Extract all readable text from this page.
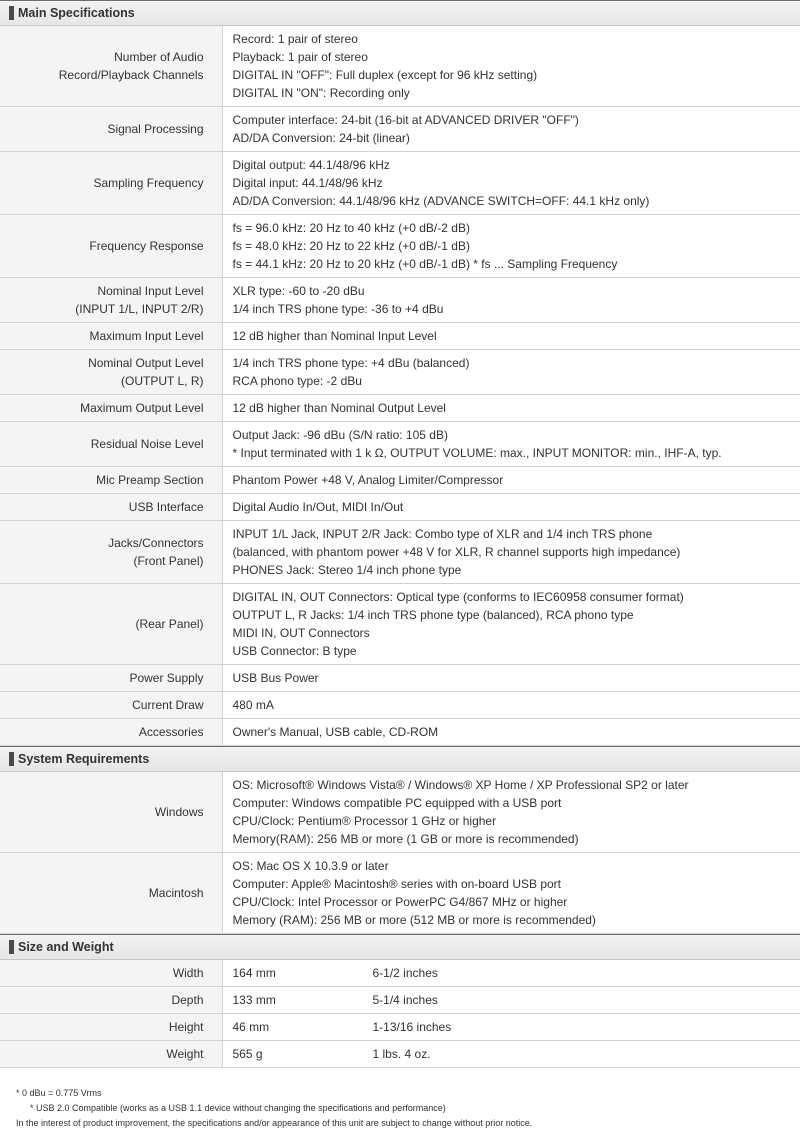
Main Specifications
Number of Audio
Record/Playback Channels	Record: 1 pair of stereo
Playback: 1 pair of stereo
DIGITAL IN "OFF": Full duplex (except for 96 kHz setting)
DIGITAL IN "ON": Recording only

Signal Processing	Computer interface: 24-bit (16-bit at ADVANCED DRIVER "OFF")
AD/DA Conversion: 24-bit (linear)

Sampling Frequency	Digital output: 44.1/48/96 kHz
Digital input: 44.1/48/96 kHz
AD/DA Conversion: 44.1/48/96 kHz (ADVANCE SWITCH=OFF: 44.1 kHz only)

Frequency Response	fs = 96.0 kHz: 20 Hz to 40 kHz (+0 dB/-2 dB)
fs = 48.0 kHz: 20 Hz to 22 kHz (+0 dB/-1 dB)
fs = 44.1 kHz: 20 Hz to 20 kHz (+0 dB/-1 dB) * fs ... Sampling Frequency

Nominal Input Level
(INPUT 1/L, INPUT 2/R)	XLR type: -60 to -20 dBu
1/4 inch TRS phone type: -36 to +4 dBu

Maximum Input Level	12 dB higher than Nominal Input Level

Nominal Output Level
(OUTPUT L, R)	1/4 inch TRS phone type: +4 dBu (balanced)
RCA phono type: -2 dBu

Maximum Output Level	12 dB higher than Nominal Output Level

Residual Noise Level	Output Jack: -96 dBu (S/N ratio: 105 dB)
* Input terminated with 1 k Ω, OUTPUT VOLUME: max., INPUT MONITOR: min., IHF-A, typ.

Mic Preamp Section	Phantom Power +48 V, Analog Limiter/Compressor

USB Interface	Digital Audio In/Out, MIDI In/Out

Jacks/Connectors
(Front Panel)	INPUT 1/L Jack, INPUT 2/R Jack: Combo type of XLR and 1/4 inch TRS phone
(balanced, with phantom power +48 V for XLR, R channel supports high impedance)
PHONES Jack: Stereo 1/4 inch phone type

(Rear Panel)	DIGITAL IN, OUT Connectors: Optical type (conforms to IEC60958 consumer format)
OUTPUT L, R Jacks: 1/4 inch TRS phone type (balanced), RCA phono type
MIDI IN, OUT Connectors
USB Connector: B type

Power Supply	USB Bus Power

Current Draw	480 mA

Accessories	Owner's Manual, USB cable, CD-ROM
System Requirements
Windows	OS: Microsoft® Windows Vista® / Windows® XP Home / XP Professional SP2 or later
Computer: Windows compatible PC equipped with a USB port
CPU/Clock: Pentium® Processor 1 GHz or higher
Memory(RAM): 256 MB or more (1 GB or more is recommended)

Macintosh	OS: Mac OS X 10.3.9 or later
Computer: Apple® Macintosh® series with on-board USB port
CPU/Clock: Intel Processor or PowerPC G4/867 MHz or higher
Memory (RAM): 256 MB or more (512 MB or more is recommended)
Size and Weight
Width	164 mm	6-1/2 inches
Depth	133 mm	5-1/4 inches
Height	46 mm	1-13/16 inches
Weight	565 g	1 lbs. 4 oz.
* 0 dBu = 0.775 Vrms
* USB 2.0 Compatible (works as a USB 1.1 device without changing the specifications and performance)
In the interest of product improvement, the specifications and/or appearance of this unit are subject to change without prior notice.
